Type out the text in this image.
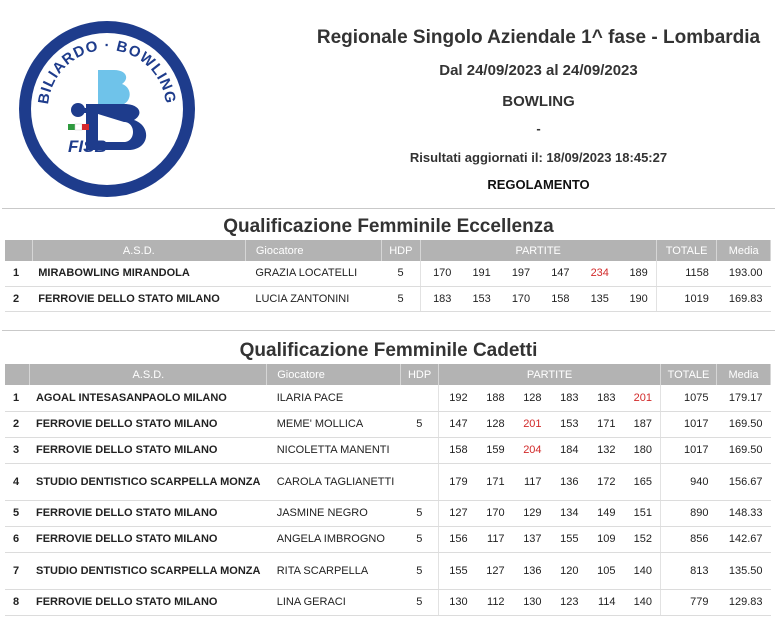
BILIARDO · BOWLING
FISB
Regionale Singolo Aziendale 1^ fase - Lombardia
Dal 24/09/2023 al 24/09/2023
BOWLING
-
Risultati aggiornati il: 18/09/2023 18:45:27
REGOLAMENTO
Qualificazione Femminile Eccellenza
	A.S.D.	Giocatore	HDP	PARTITE						TOTALE	Media
1	MIRABOWLING MIRANDOLA	GRAZIA LOCATELLI	5	170	191	197	147	234	189	1158	193.00
2	FERROVIE DELLO STATO MILANO	LUCIA ZANTONINI	5	183	153	170	158	135	190	1019	169.83
Qualificazione Femminile Cadetti
	A.S.D.	Giocatore	HDP	PARTITE						TOTALE	Media
1	AGOAL INTESASANPAOLO MILANO	ILARIA PACE		192	188	128	183	183	201	1075	179.17
2	FERROVIE DELLO STATO MILANO	MEME' MOLLICA	5	147	128	201	153	171	187	1017	169.50
3	FERROVIE DELLO STATO MILANO	NICOLETTA MANENTI		158	159	204	184	132	180	1017	169.50
4	STUDIO DENTISTICO SCARPELLA MONZA	CAROLA TAGLIANETTI		179	171	117	136	172	165	940	156.67
5	FERROVIE DELLO STATO MILANO	JASMINE NEGRO	5	127	170	129	134	149	151	890	148.33
6	FERROVIE DELLO STATO MILANO	ANGELA IMBROGNO	5	156	117	137	155	109	152	856	142.67
7	STUDIO DENTISTICO SCARPELLA MONZA	RITA SCARPELLA	5	155	127	136	120	105	140	813	135.50
8	FERROVIE DELLO STATO MILANO	LINA GERACI	5	130	112	130	123	114	140	779	129.83
